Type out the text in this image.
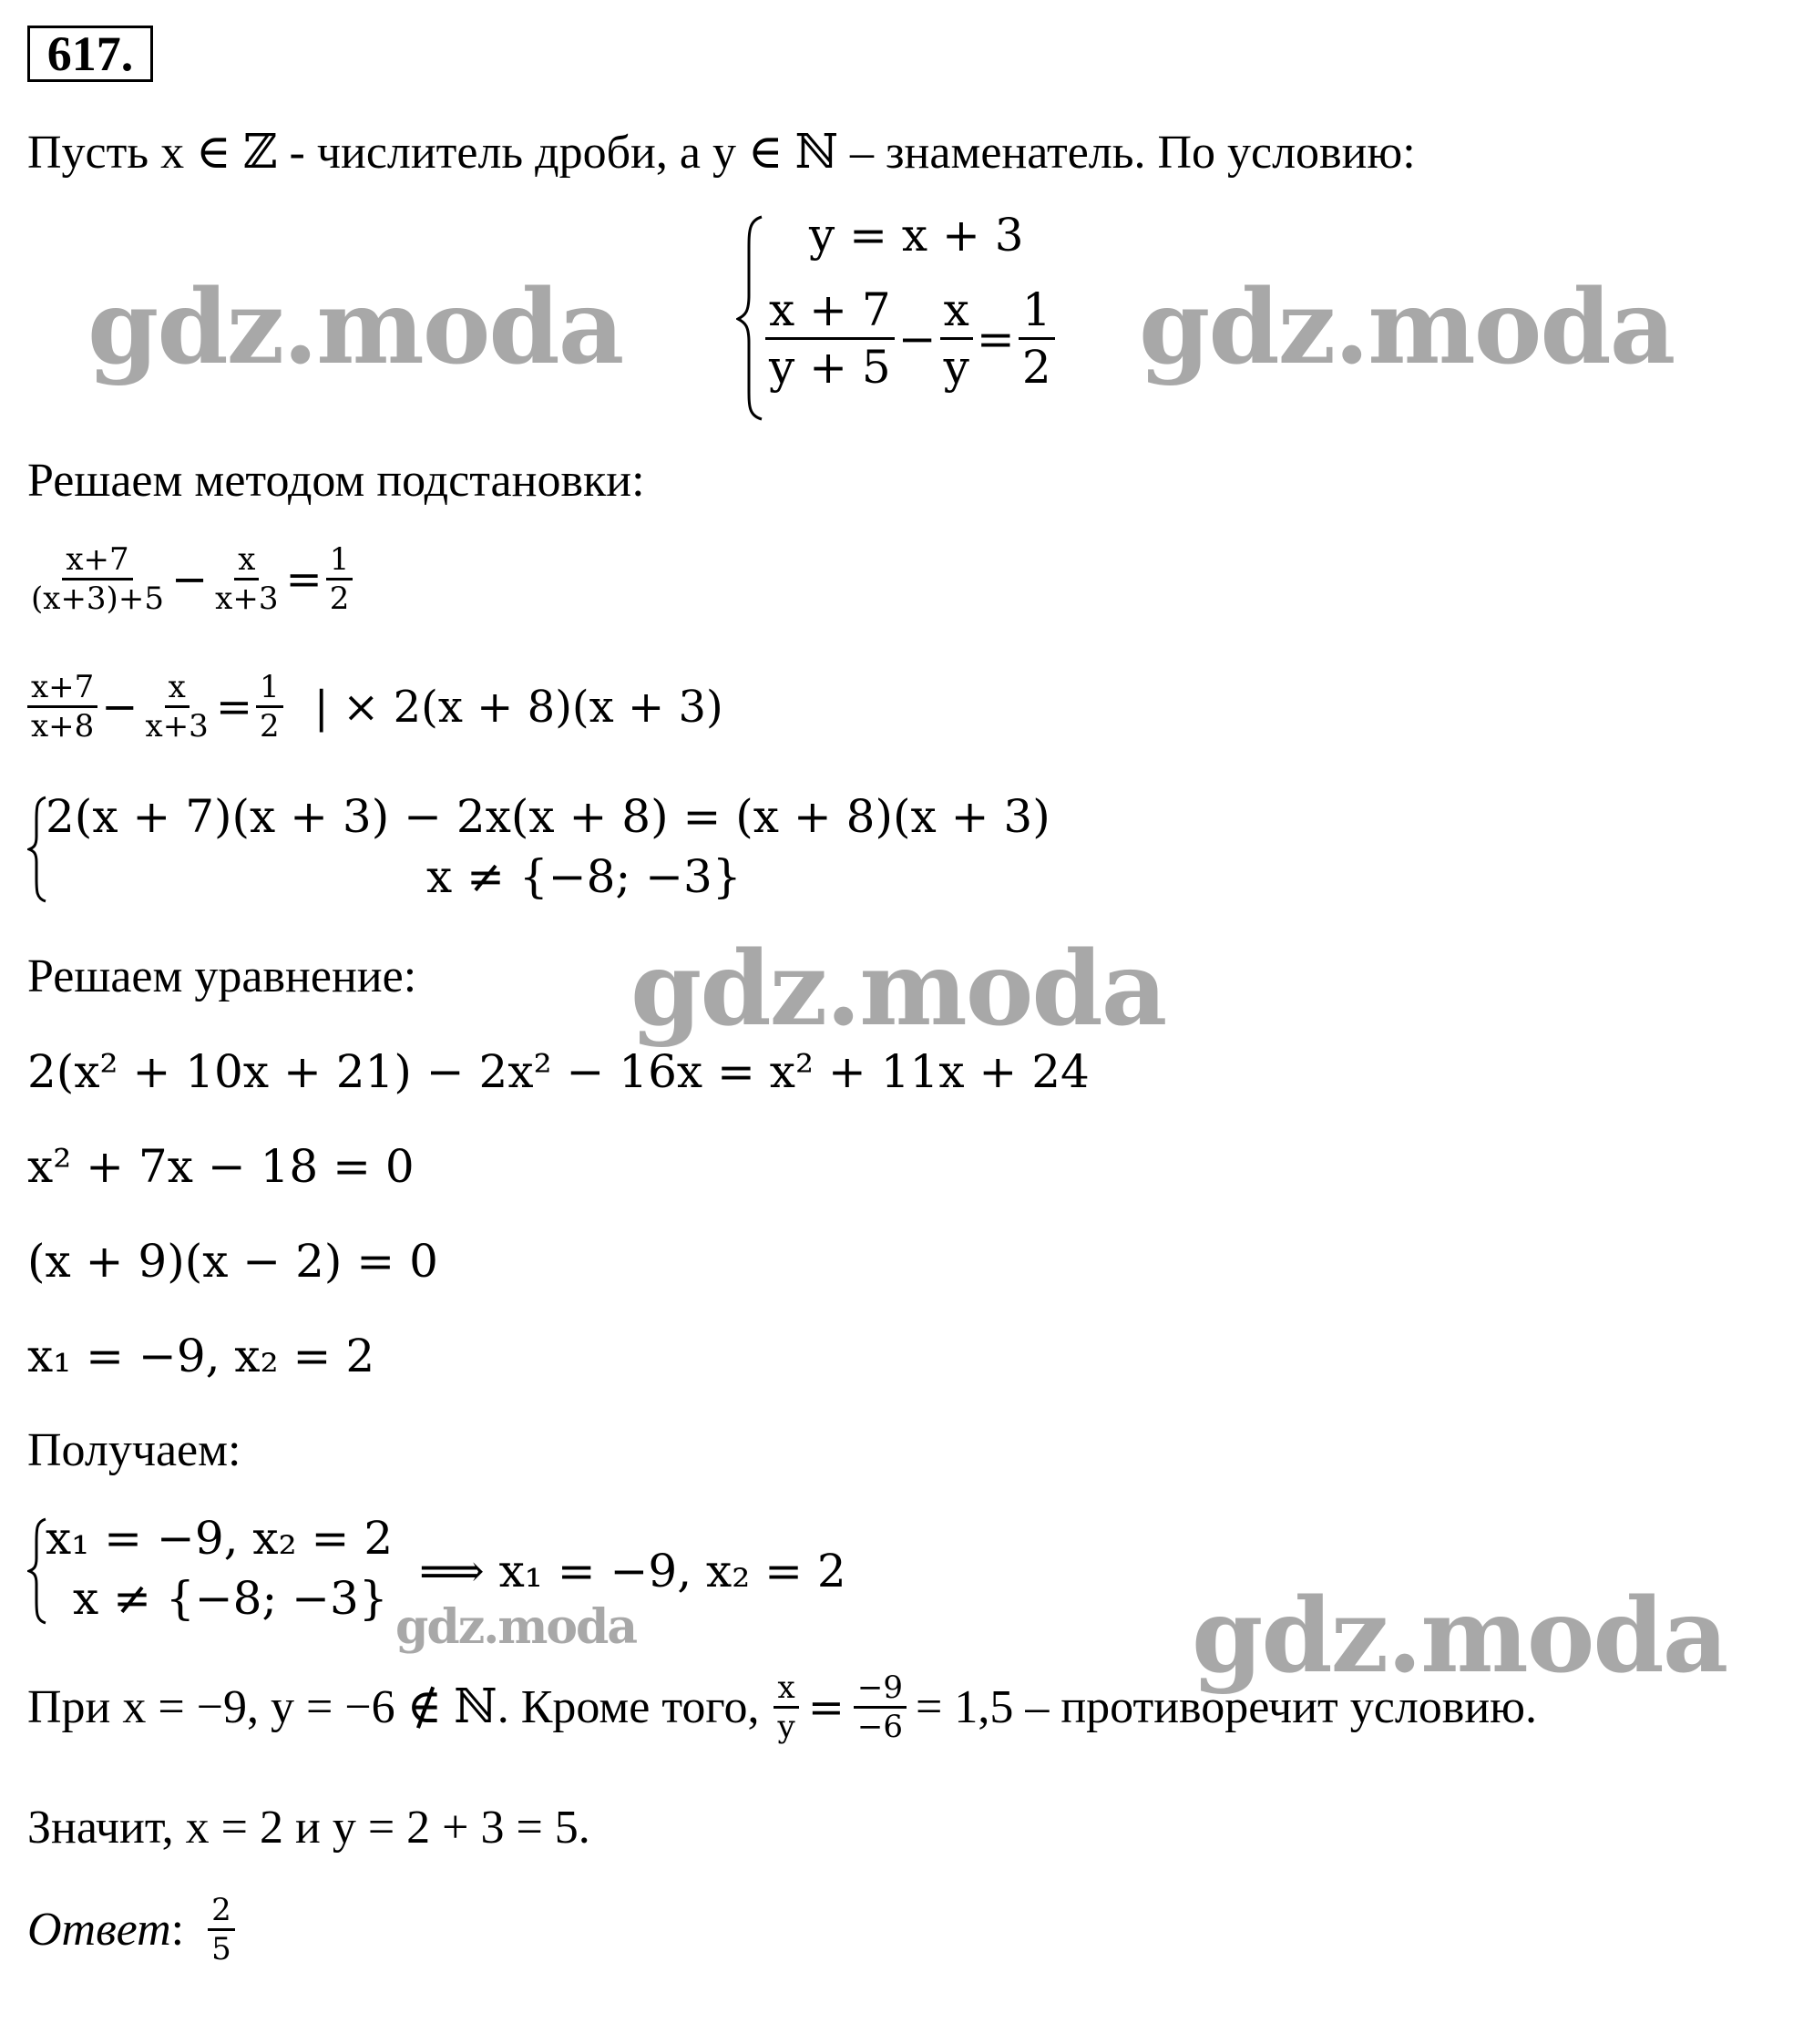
617.
Пусть x ∈ ℤ - числитель дроби, а y ∈ ℕ – знаменатель. По условию:
y = x + 3
$\frac{x + 7}{y + 5} - \frac{x}{y} = \frac{1}{2}$
Решаем методом подстановки:
$\frac{x+7}{(x+3)+5} - \frac{x}{x+3} = \frac{1}{2}$
$\frac{x+7}{x+8} - \frac{x}{x+3} = \frac{1}{2}$ | × 2(x + 8)(x + 3)
2(x + 7)(x + 3) − 2x(x + 8) = (x + 8)(x + 3)
x ≠ {−8; −3}
Решаем уравнение:
2(x² + 10x + 21) − 2x² − 16x = x² + 11x + 24
x² + 7x − 18 = 0
(x + 9)(x − 2) = 0
x₁ = −9, x₂ = 2
Получаем:
x₁ = −9, x₂ = 2
x ≠ {−8; −3}
⟹ x₁ = −9, x₂ = 2
При x = −9, y = −6 ∉ ℕ. Кроме того, $\frac{x}{y} = \frac{-9}{-6} = 1,5$ – противоречит условию.
Значит, x = 2 и y = 2 + 3 = 5.
Ответ : $\frac{2}{5}$
gdz.moda	gdz.moda
gdz.moda
gdz.moda	gdz.moda
